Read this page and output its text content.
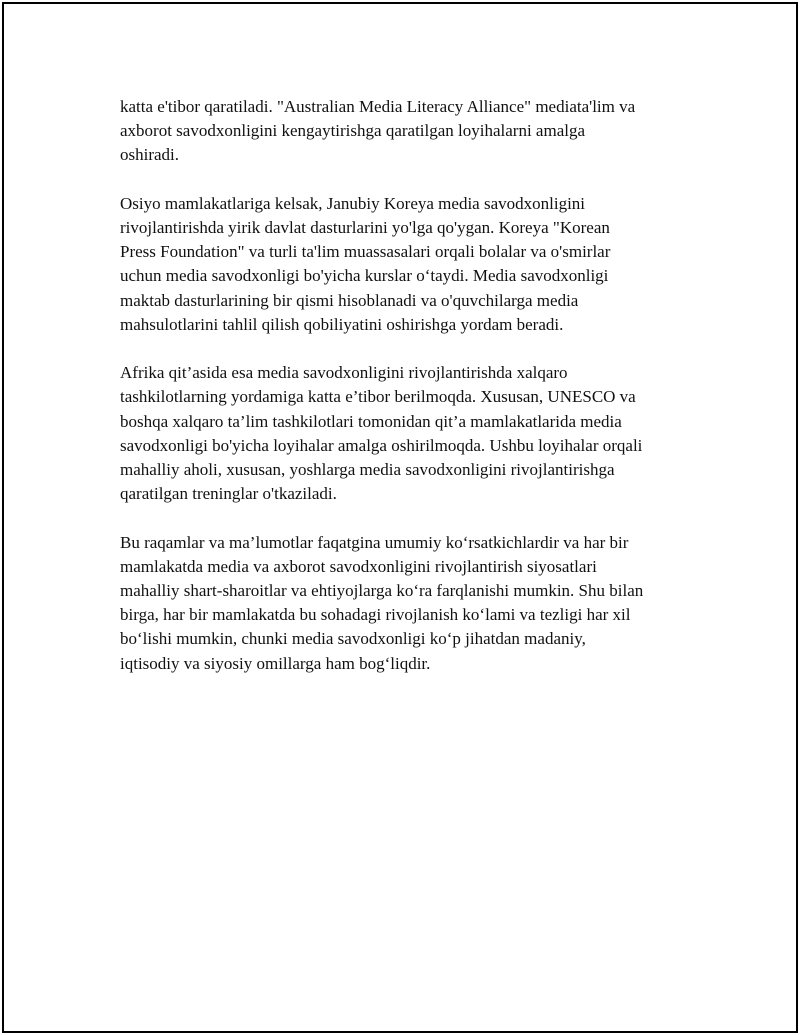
katta e'tibor qaratiladi. "Australian Media Literacy Alliance" mediata'lim va
axborot savodxonligini kengaytirishga qaratilgan loyihalarni amalga
oshiradi.

Osiyo mamlakatlariga kelsak, Janubiy Koreya media savodxonligini
rivojlantirishda yirik davlat dasturlarini yo'lga qo'ygan. Koreya "Korean
Press Foundation" va turli ta'lim muassasalari orqali bolalar va o'smirlar
uchun media savodxonligi bo'yicha kurslar o‘taydi. Media savodxonligi
maktab dasturlarining bir qismi hisoblanadi va o'quvchilarga media
mahsulotlarini tahlil qilish qobiliyatini oshirishga yordam beradi.

Afrika qit’asida esa media savodxonligini rivojlantirishda xalqaro
tashkilotlarning yordamiga katta e’tibor berilmoqda. Xususan, UNESCO va
boshqa xalqaro ta’lim tashkilotlari tomonidan qit’a mamlakatlarida media
savodxonligi bo'yicha loyihalar amalga oshirilmoqda. Ushbu loyihalar orqali
mahalliy aholi, xususan, yoshlarga media savodxonligini rivojlantirishga
qaratilgan treninglar o'tkaziladi.

Bu raqamlar va ma’lumotlar faqatgina umumiy ko‘rsatkichlardir va har bir
mamlakatda media va axborot savodxonligini rivojlantirish siyosatlari
mahalliy shart-sharoitlar va ehtiyojlarga ko‘ra farqlanishi mumkin. Shu bilan
birga, har bir mamlakatda bu sohadagi rivojlanish ko‘lami va tezligi har xil
bo‘lishi mumkin, chunki media savodxonligi ko‘p jihatdan madaniy,
iqtisodiy va siyosiy omillarga ham bog‘liqdir.
